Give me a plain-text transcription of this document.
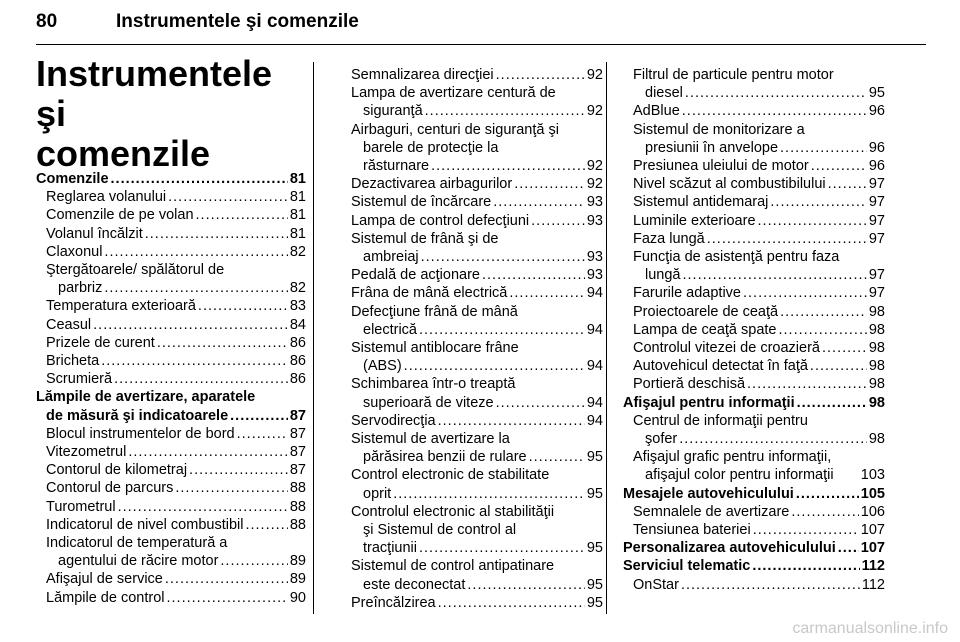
80	Instrumentele şi comenzile
Instrumentele şi
comenzile
Comenzile .....	81
Reglarea volanului .....	81
Comenzile de pe volan .....	81
Volanul încălzit .....	81
Claxonul .....	82
Ştergătoarele/ spălătorul de
parbriz .....	82
Temperatura exterioară .....	83
Ceasul .....	84
Prizele de curent .....	86
Bricheta .....	86
Scrumieră .....	86
Lămpile de avertizare, aparatele
de măsură şi indicatoarele .....	87
Blocul instrumentelor de bord .....	87
Vitezometrul .....	87
Contorul de kilometraj .....	87
Contorul de parcurs .....	88
Turometrul .....	88
Indicatorul de nivel combustibil .....	88
Indicatorul de temperatură a
agentului de răcire motor .....	89
Afişajul de service .....	89
Lămpile de control .....	90
Semnalizarea direcţiei .....	92
Lampa de avertizare centură de
siguranţă .....	92
Airbaguri, centuri de siguranţă şi
barele de protecţie la
răsturnare .....	92
Dezactivarea airbagurilor .....	92
Sistemul de încărcare .....	93
Lampa de control defecţiuni .....	93
Sistemul de frână şi de
ambreiaj .....	93
Pedală de acţionare .....	93
Frâna de mână electrică .....	94
Defecţiune frână de mână
electrică .....	94
Sistemul antiblocare frâne
(ABS) .....	94
Schimbarea într-o treaptă
superioară de viteze .....	94
Servodirecţia .....	94
Sistemul de avertizare la
părăsirea benzii de rulare .....	95
Control electronic de stabilitate
oprit .....	95
Controlul electronic al stabilităţii
şi Sistemul de control al
tracţiunii .....	95
Sistemul de control antipatinare
este deconectat .....	95
Preîncălzirea .....	95
Filtrul de particule pentru motor
diesel .....	95
AdBlue .....	96
Sistemul de monitorizare a
presiunii în anvelope .....	96
Presiunea uleiului de motor .....	96
Nivel scăzut al combustibilului .....	97
Sistemul antidemaraj .....	97
Luminile exterioare .....	97
Faza lungă .....	97
Funcţia de asistenţă pentru faza
lungă .....	97
Farurile adaptive .....	97
Proiectoarele de ceaţă .....	98
Lampa de ceaţă spate .....	98
Controlul vitezei de croazieră .....	98
Autovehicul detectat în faţă .....	98
Portieră deschisă .....	98
Afişajul pentru informaţii .....	98
Centrul de informaţii pentru
şofer .....	98
Afişajul grafic pentru informaţii,
afişajul color pentru informaţii 103
Mesajele autovehiculului .....	105
Semnalele de avertizare .....	106
Tensiunea bateriei .....	107
Personalizarea autovehiculului ..... 107
Serviciul telematic .....	112
OnStar .....	112
carmanualsonline.info
